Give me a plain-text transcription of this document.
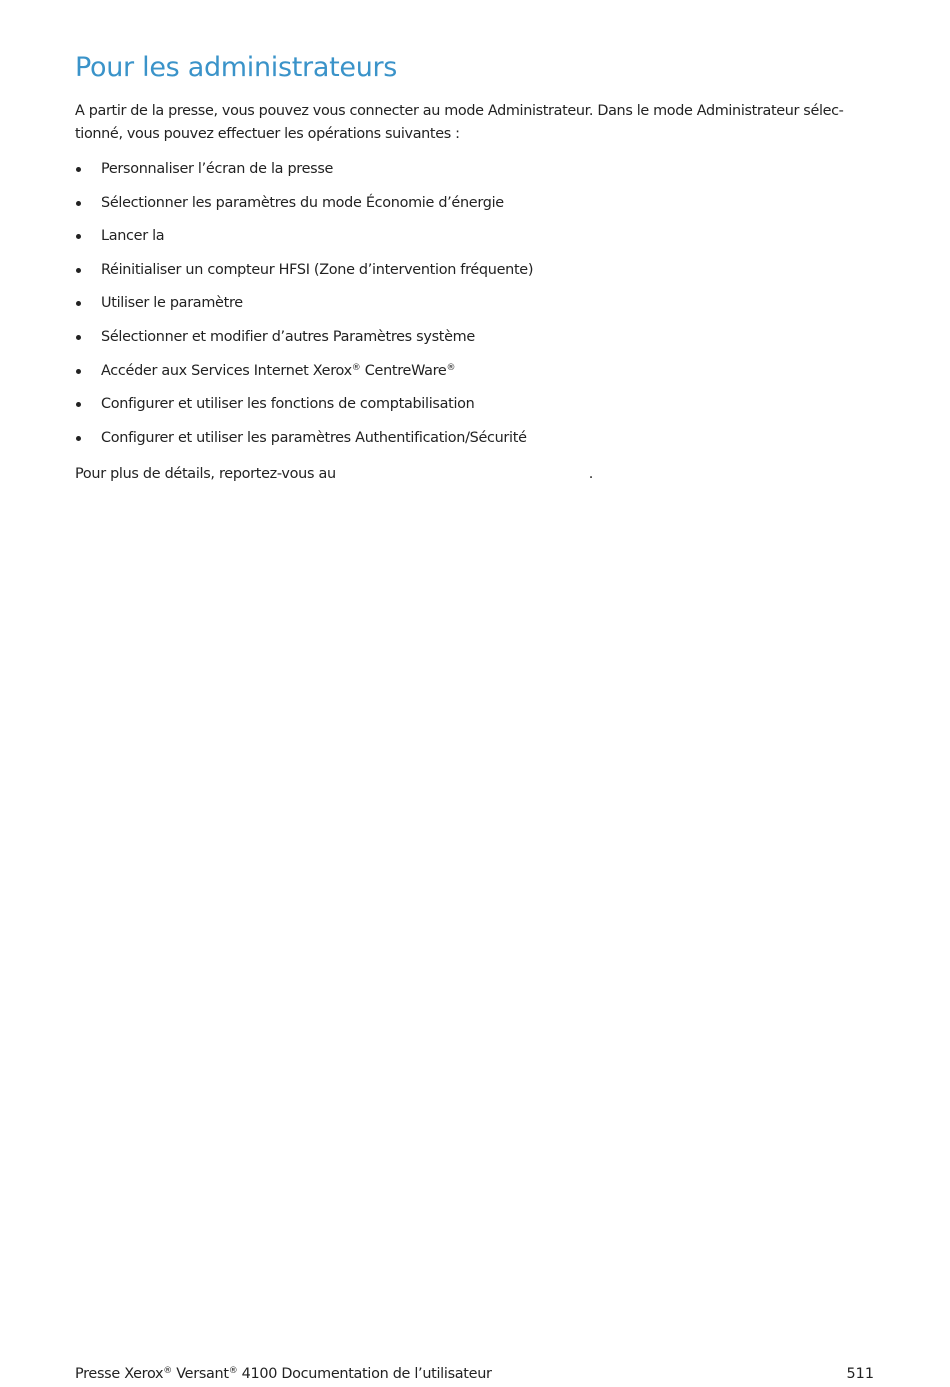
Pour les administrateurs

A partir de la presse, vous pouvez vous connecter au mode Administrateur. Dans le mode Administrateur sélec-
tionné, vous pouvez effectuer les opérations suivantes :

Personnaliser l’écran de la presse
Sélectionner les paramètres du mode Économie d’énergie
Lancer la
Réinitialiser un compteur HFSI (Zone d’intervention fréquente)
Utiliser le paramètre
Sélectionner et modifier d’autres Paramètres système
Accéder aux Services Internet Xerox® CentreWare®
Configurer et utiliser les fonctions de comptabilisation
Configurer et utiliser les paramètres Authentification/Sécurité

Pour plus de détails, reportez-vous au	.

Presse Xerox® Versant® 4100 Documentation de l’utilisateur	511
